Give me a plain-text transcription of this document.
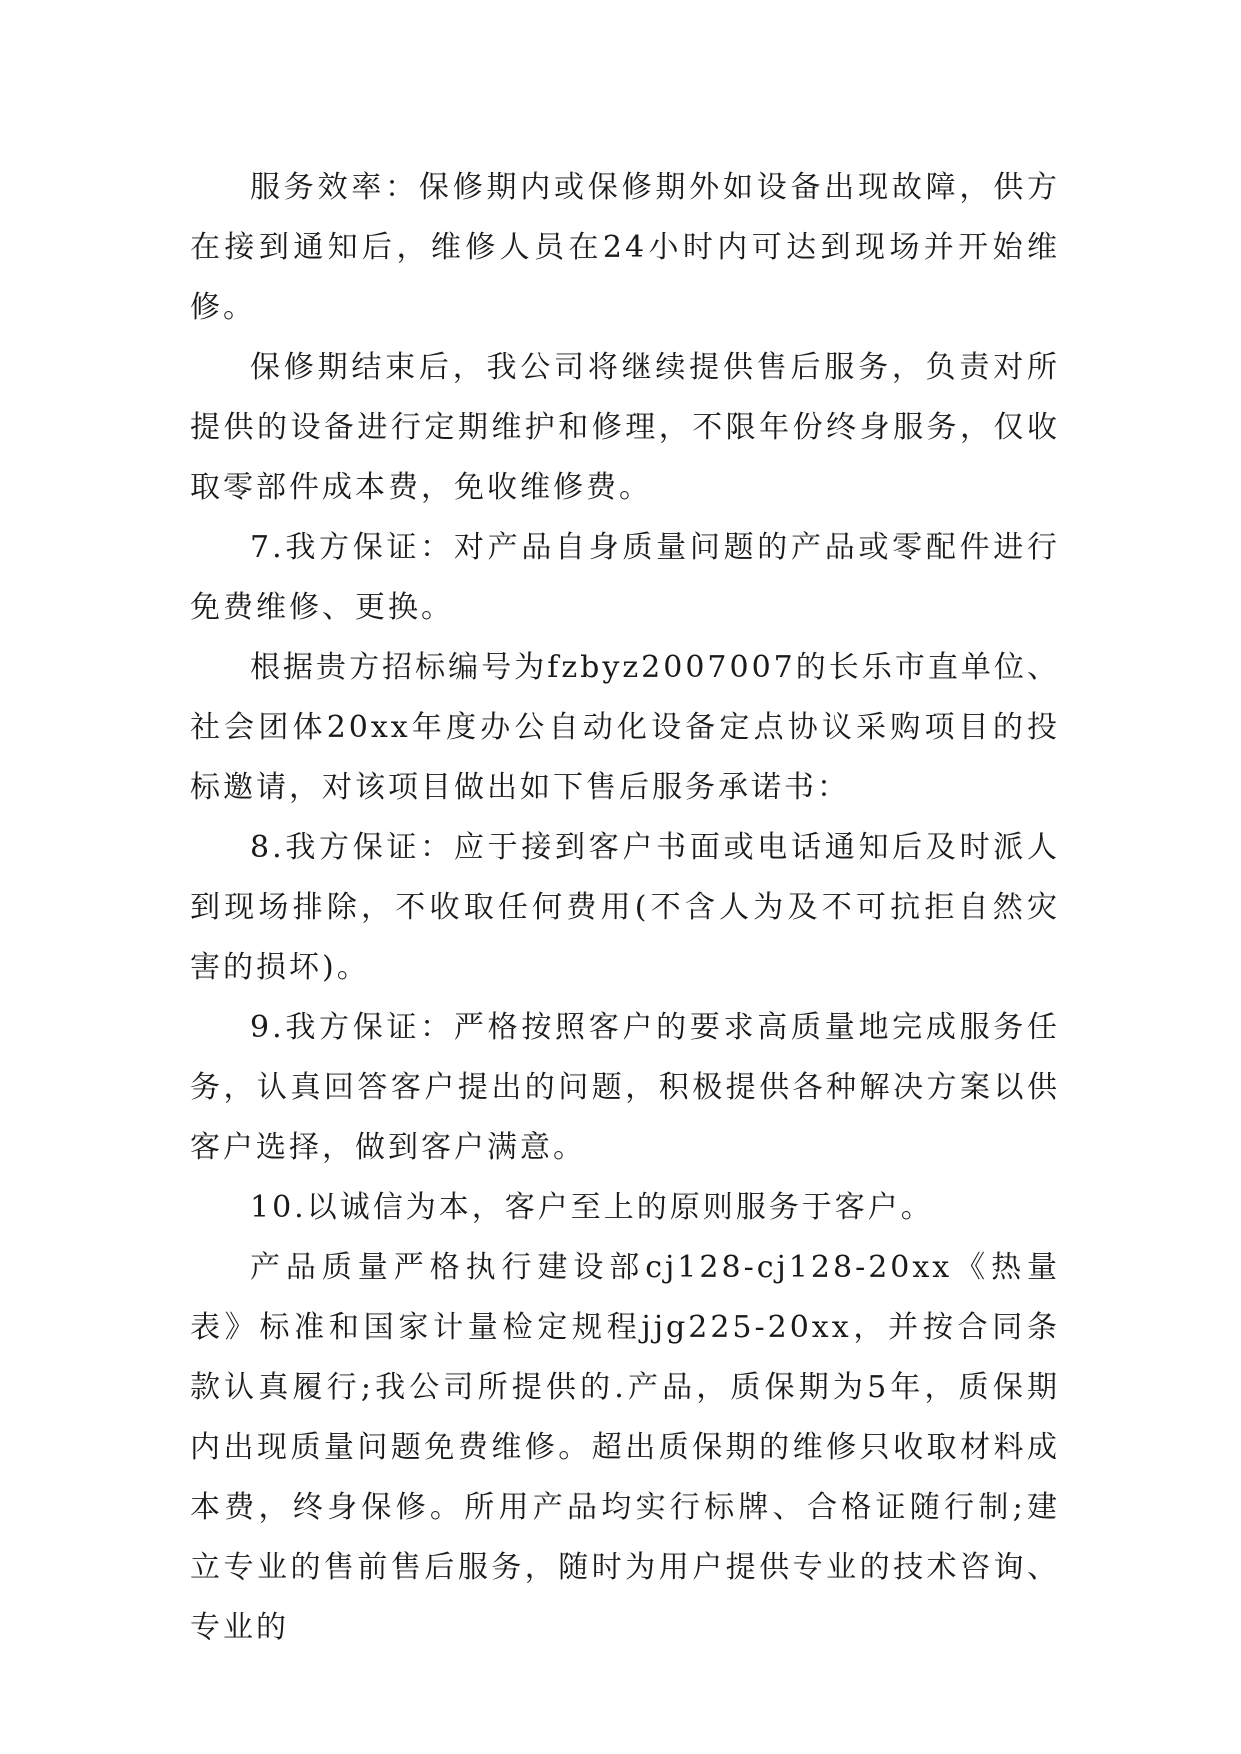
服务效率：保修期内或保修期外如设备出现故障，供方在接到通知后，维修人员在24小时内可达到现场并开始维修。

保修期结束后，我公司将继续提供售后服务，负责对所提供的设备进行定期维护和修理，不限年份终身服务，仅收取零部件成本费，免收维修费。

7.我方保证：对产品自身质量问题的产品或零配件进行免费维修、更换。

根据贵方招标编号为fzbyz2007007的长乐市直单位、社会团体20xx年度办公自动化设备定点协议采购项目的投标邀请，对该项目做出如下售后服务承诺书：

8.我方保证：应于接到客户书面或电话通知后及时派人到现场排除，不收取任何费用(不含人为及不可抗拒自然灾害的损坏)。

9.我方保证：严格按照客户的要求高质量地完成服务任务，认真回答客户提出的问题，积极提供各种解决方案以供客户选择，做到客户满意。

10.以诚信为本，客户至上的原则服务于客户。

产品质量严格执行建设部cj128-cj128-20xx《热量表》标准和国家计量检定规程jjg225-20xx，并按合同条款认真履行;我公司所提供的.产品，质保期为5年，质保期内出现质量问题免费维修。超出质保期的维修只收取材料成本费，终身保修。所用产品均实行标牌、合格证随行制;建立专业的售前售后服务，随时为用户提供专业的技术咨询、专业的
